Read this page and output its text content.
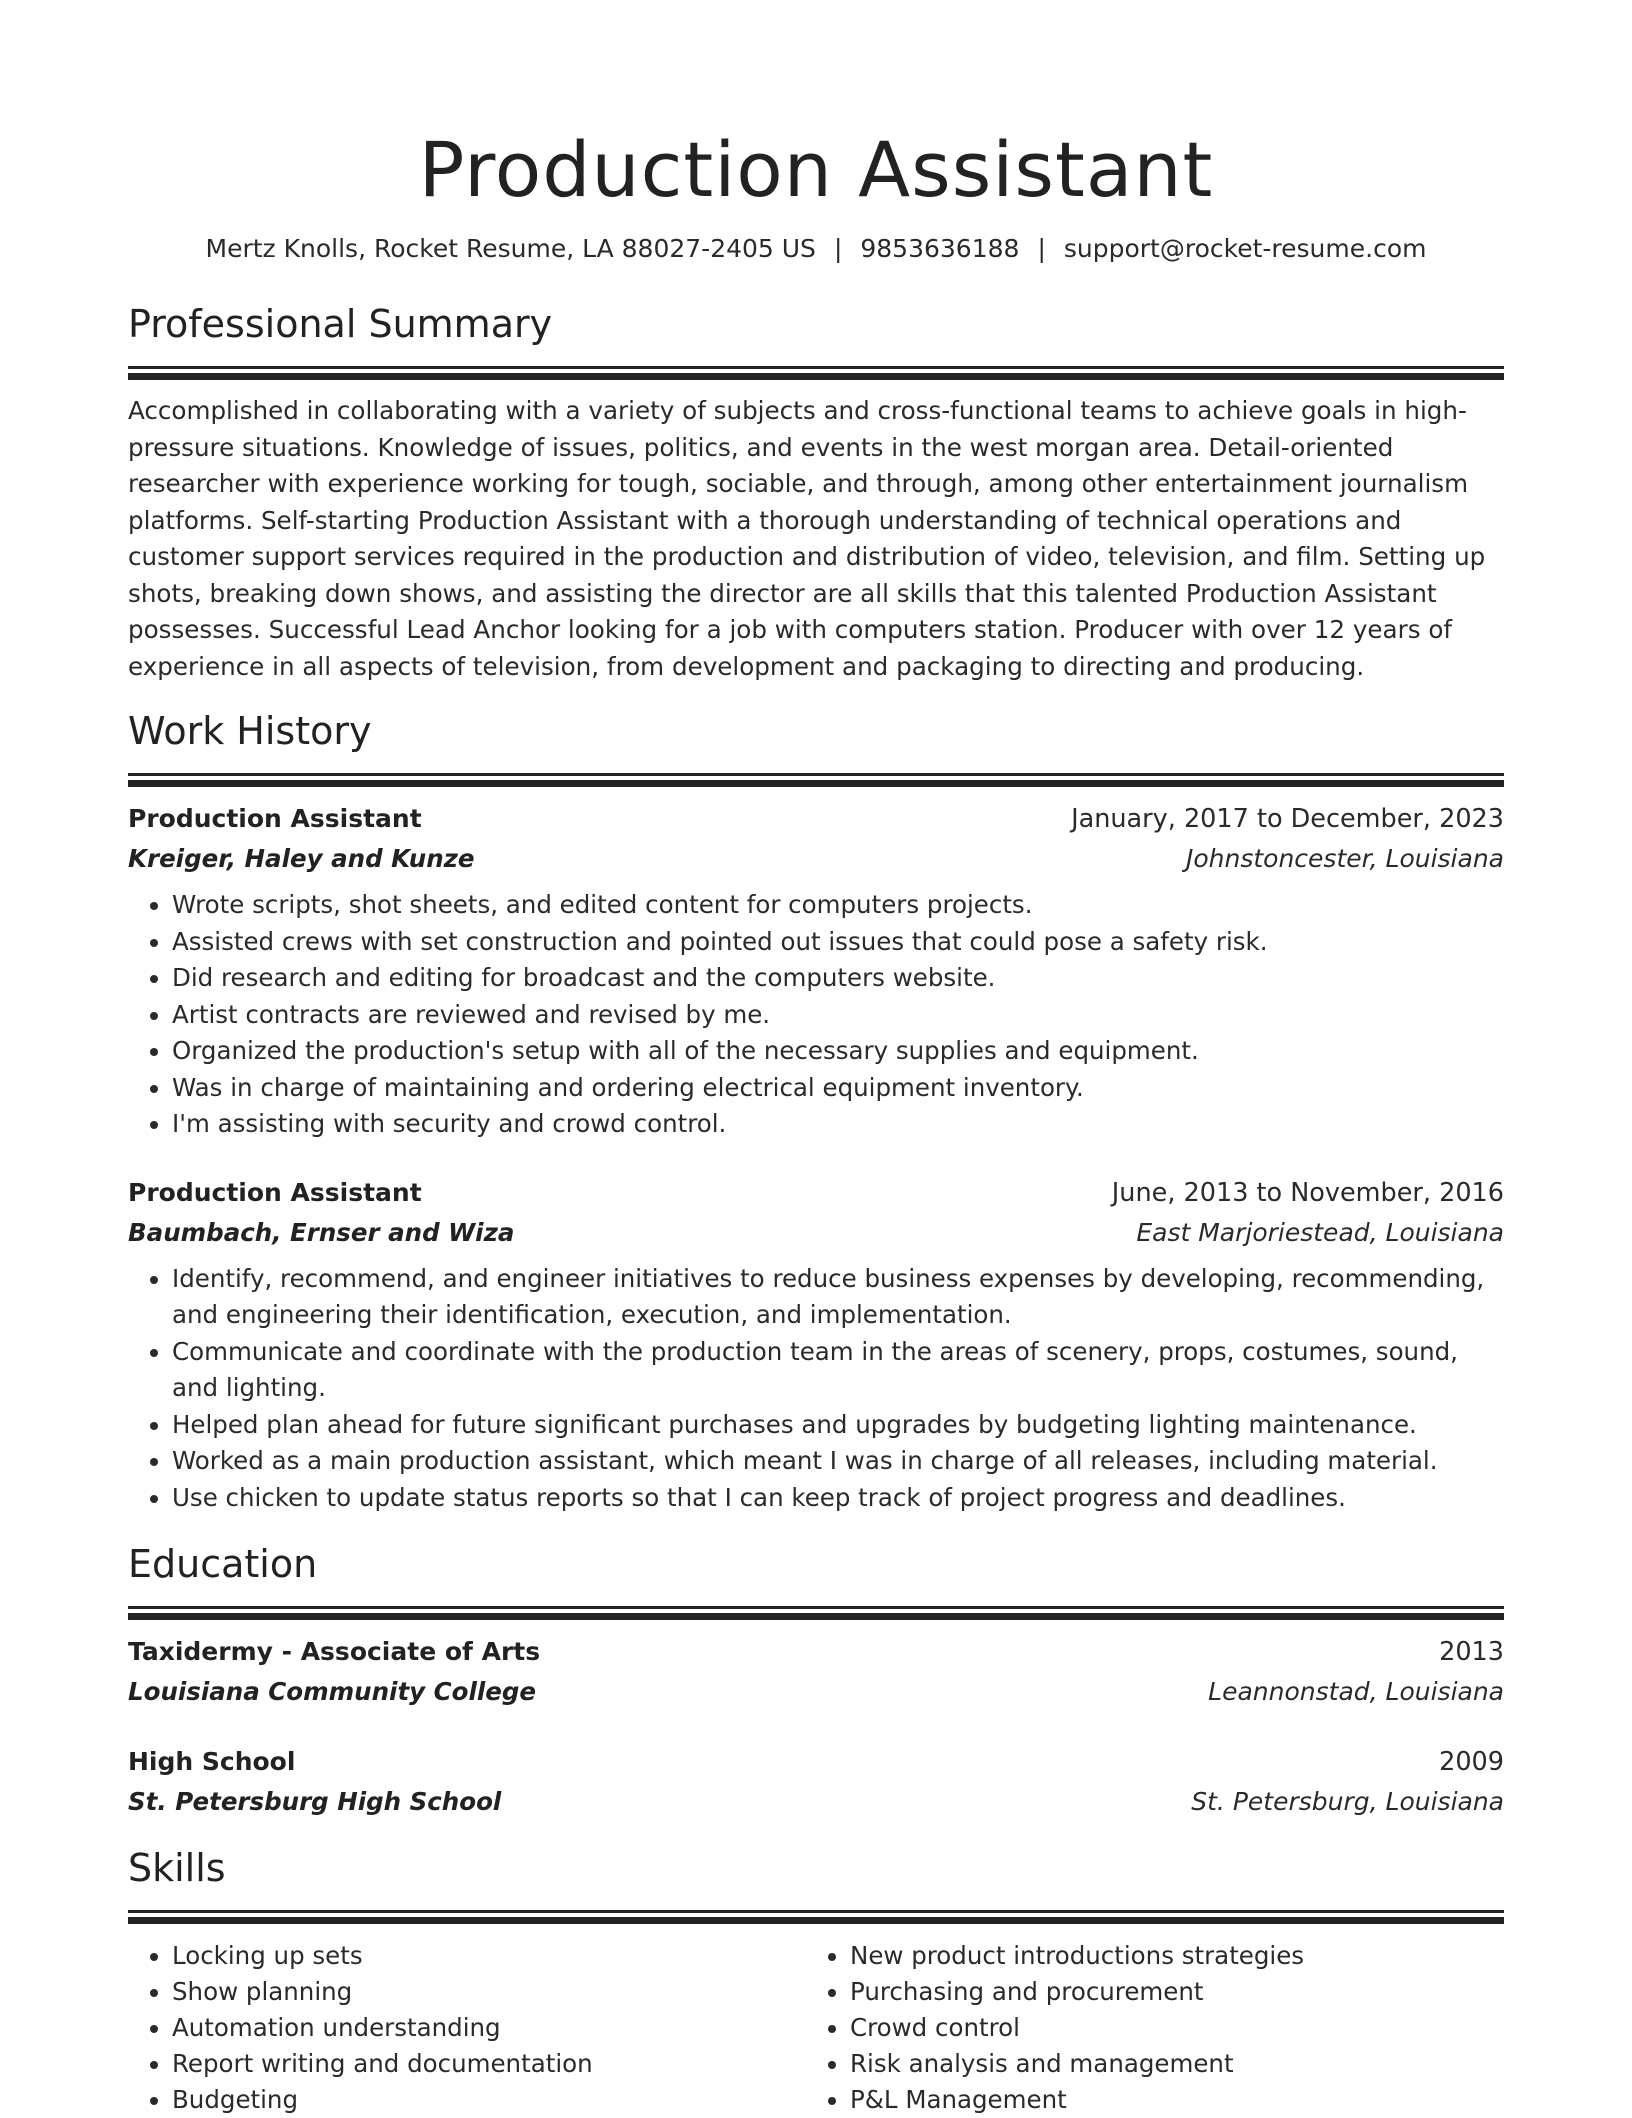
Production Assistant
Mertz Knolls, Rocket Resume, LA 88027-2405 US | 9853636188 | support@rocket-resume.com
Professional Summary
Accomplished in collaborating with a variety of subjects and cross-functional teams to achieve goals in high-pressure situations. Knowledge of issues, politics, and events in the west morgan area. Detail-oriented researcher with experience working for tough, sociable, and through, among other entertainment journalism platforms. Self-starting Production Assistant with a thorough understanding of technical operations and customer support services required in the production and distribution of video, television, and film. Setting up shots, breaking down shows, and assisting the director are all skills that this talented Production Assistant possesses. Successful Lead Anchor looking for a job with computers station. Producer with over 12 years of experience in all aspects of television, from development and packaging to directing and producing.
Work History
Production Assistant	January, 2017 to December, 2023
Kreiger, Haley and Kunze	Johnstoncester, Louisiana
• Wrote scripts, shot sheets, and edited content for computers projects.
• Assisted crews with set construction and pointed out issues that could pose a safety risk.
• Did research and editing for broadcast and the computers website.
• Artist contracts are reviewed and revised by me.
• Organized the production's setup with all of the necessary supplies and equipment.
• Was in charge of maintaining and ordering electrical equipment inventory.
• I'm assisting with security and crowd control.
Production Assistant	June, 2013 to November, 2016
Baumbach, Ernser and Wiza	East Marjoriestead, Louisiana
• Identify, recommend, and engineer initiatives to reduce business expenses by developing, recommending, and engineering their identification, execution, and implementation.
• Communicate and coordinate with the production team in the areas of scenery, props, costumes, sound, and lighting.
• Helped plan ahead for future significant purchases and upgrades by budgeting lighting maintenance.
• Worked as a main production assistant, which meant I was in charge of all releases, including material.
• Use chicken to update status reports so that I can keep track of project progress and deadlines.
Education
Taxidermy - Associate of Arts	2013
Louisiana Community College	Leannonstad, Louisiana
High School	2009
St. Petersburg High School	St. Petersburg, Louisiana
Skills
• Locking up sets
• Show planning
• Automation understanding
• Report writing and documentation
• Budgeting
• New product introductions strategies
• Purchasing and procurement
• Crowd control
• Risk analysis and management
• P&L Management
